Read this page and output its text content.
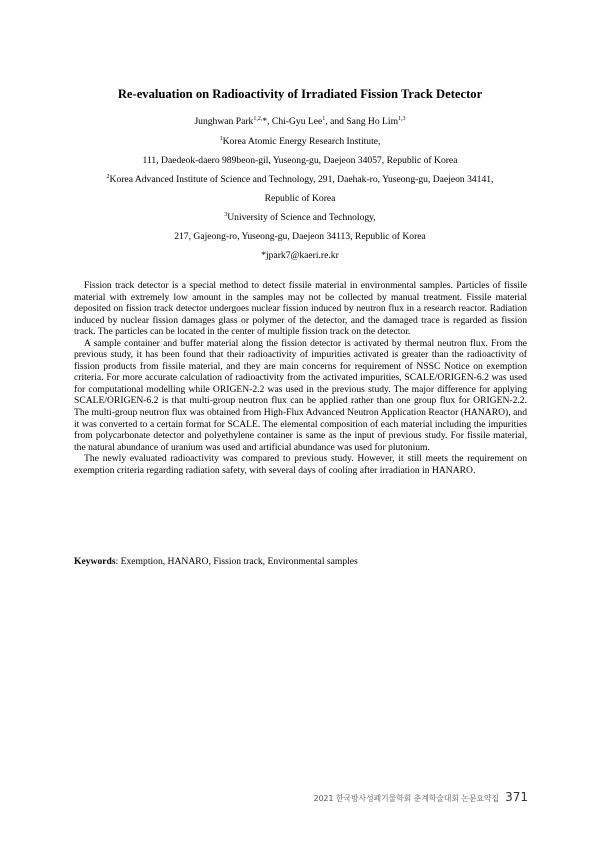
Re-evaluation on Radioactivity of Irradiated Fission Track Detector
Junghwan Park$^{1,2,}$*, Chi-Gyu Lee$^1$, and Sang Ho Lim$^{1,3}$
$^1$Korea Atomic Energy Research Institute,
111, Daedeok-daero 989beon-gil, Yuseong-gu, Daejeon 34057, Republic of Korea
$^2$Korea Advanced Institute of Science and Technology, 291, Daehak-ro, Yuseong-gu, Daejeon 34141,
Republic of Korea
$^3$University of Science and Technology,
217, Gajeong-ro, Yuseong-gu, Daejeon 34113, Republic of Korea
*jpark7@kaeri.re.kr

Fission track detector is a special method to detect fissile material in environmental samples. Particles of fissile material with extremely low amount in the samples may not be collected by manual treatment. Fissile material deposited on fission track detector undergoes nuclear fission induced by neutron flux in a research reactor. Radiation induced by nuclear fission damages glass or polymer of the detector, and the damaged trace is regarded as fission track. The particles can be located in the center of multiple fission track on the detector.

A sample container and buffer material along the fission detector is activated by thermal neutron flux. From the previous study, it has been found that their radioactivity of impurities activated is greater than the radioactivity of fission products from fissile material, and they are main concerns for requirement of NSSC Notice on exemption criteria. For more accurate calculation of radioactivity from the activated impurities, SCALE/ORIGEN-6.2 was used for computational modelling while ORIGEN-2.2 was used in the previous study. The major difference for applying SCALE/ORIGEN-6.2 is that multi-group neutron flux can be applied rather than one group flux for ORIGEN-2.2. The multi-group neutron flux was obtained from High-Flux Advanced Neutron Application Reactor (HANARO), and it was converted to a certain format for SCALE. The elemental composition of each material including the impurities from polycarbonate detector and polyethylene container is same as the input of previous study. For fissile material, the natural abundance of uranium was used and artificial abundance was used for plutonium.

The newly evaluated radioactivity was compared to previous study. However, it still meets the requirement on exemption criteria regarding radiation safety, with several days of cooling after irradiation in HANARO.

Keywords: Exemption, HANARO, Fission track, Environmental samples
2021 한국방사성폐기물학회 춘계학술대회 논문요약집 371
